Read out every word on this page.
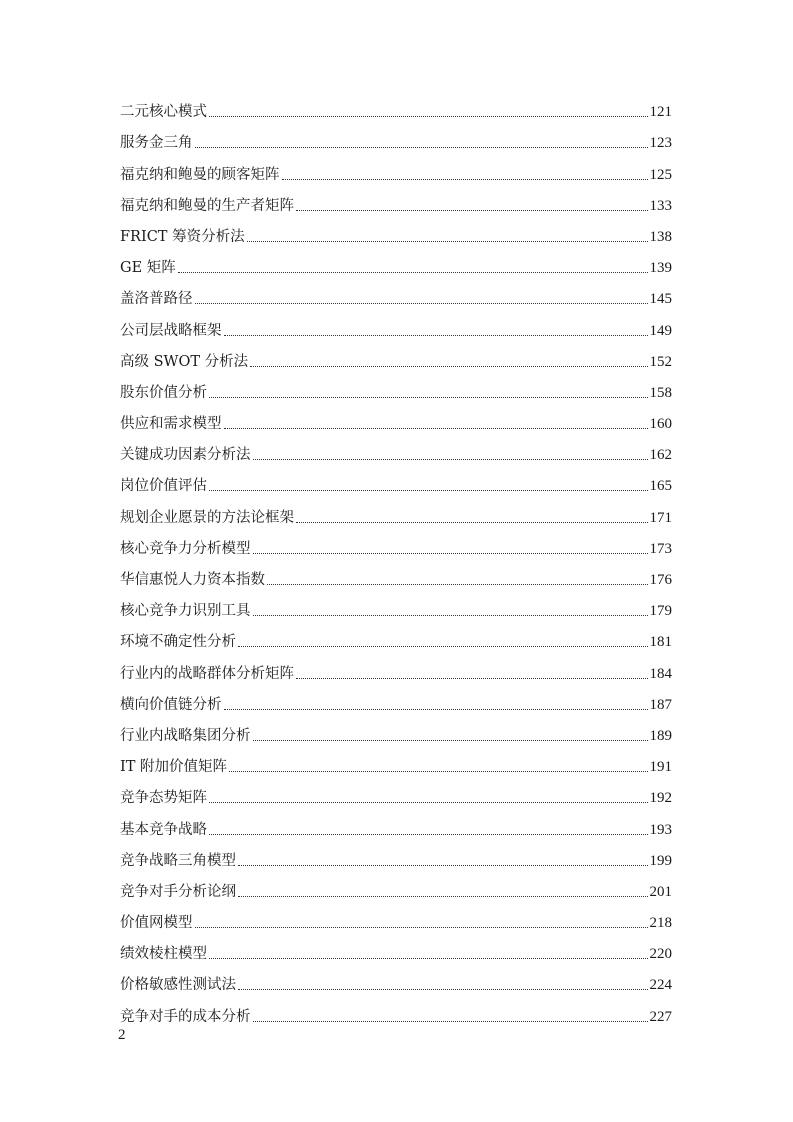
二元核心模式	121
服务金三角	123
福克纳和鲍曼的顾客矩阵	125
福克纳和鲍曼的生产者矩阵	133
FRICT 筹资分析法	138
GE 矩阵	139
盖洛普路径	145
公司层战略框架	149
高级 SWOT 分析法	152
股东价值分析	158
供应和需求模型	160
关键成功因素分析法	162
岗位价值评估	165
规划企业愿景的方法论框架	171
核心竞争力分析模型	173
华信惠悦人力资本指数	176
核心竞争力识别工具	179
环境不确定性分析	181
行业内的战略群体分析矩阵	184
横向价值链分析	187
行业内战略集团分析	189
IT 附加价值矩阵	191
竞争态势矩阵	192
基本竞争战略	193
竞争战略三角模型	199
竞争对手分析论纲	201
价值网模型	218
绩效棱柱模型	220
价格敏感性测试法	224
竞争对手的成本分析	227
2
